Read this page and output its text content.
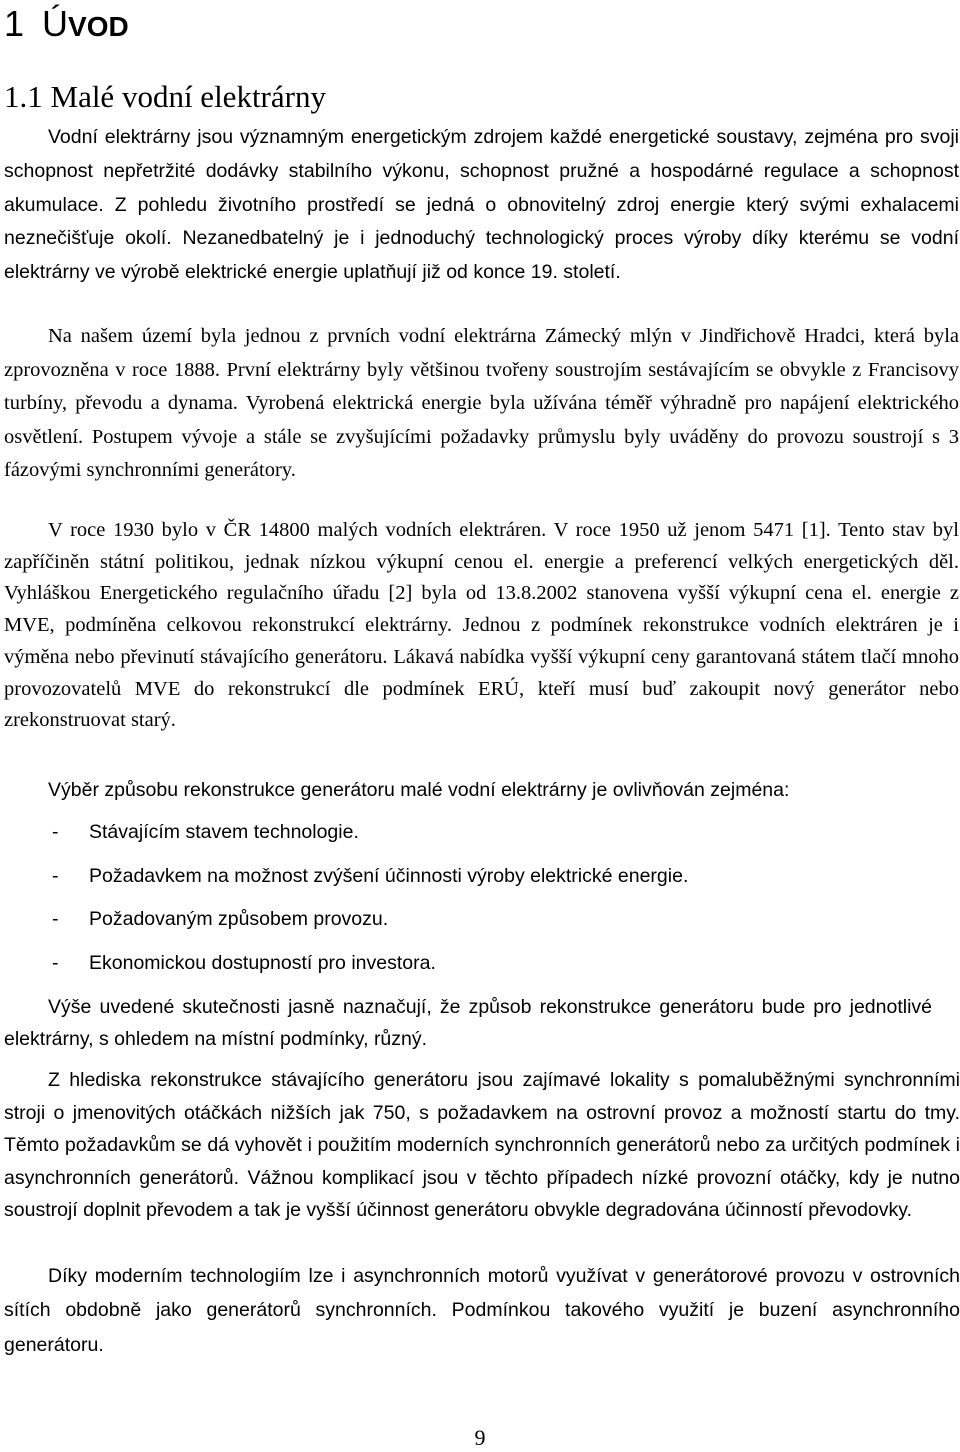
1 ÚVOD
1.1 Malé vodní elektrárny
Vodní elektrárny jsou významným energetickým zdrojem každé energetické soustavy, zejména pro svoji schopnost nepřetržité dodávky stabilního výkonu, schopnost pružné a hospodárné regulace a schopnost akumulace. Z pohledu životního prostředí se jedná o obnovitelný zdroj energie který svými exhalacemi neznečišťuje okolí. Nezanedbatelný je i jednoduchý technologický proces výroby díky kterému se vodní elektrárny ve výrobě elektrické energie uplatňují již od konce 19. století.
Na našem území byla jednou z prvních vodní elektrárna Zámecký mlýn v Jindřichově Hradci, která byla zprovozněna v roce 1888. První elektrárny byly většinou tvořeny soustrojím sestávajícím se obvykle z Francisovy turbíny, převodu a dynama. Vyrobená elektrická energie byla užívána téměř výhradně pro napájení elektrického osvětlení. Postupem vývoje a stále se zvyšujícími požadavky průmyslu byly uváděny do provozu soustrojí s 3 fázovými synchronními generátory.
V roce 1930 bylo v ČR 14800 malých vodních elektráren. V roce 1950 už jenom 5471 [1]. Tento stav byl zapříčiněn státní politikou, jednak nízkou výkupní cenou el. energie a preferencí velkých energetických děl. Vyhláškou Energetického regulačního úřadu [2] byla od 13.8.2002 stanovena vyšší výkupní cena el. energie z MVE, podmíněna celkovou rekonstrukcí elektrárny. Jednou z podmínek rekonstrukce vodních elektráren je i výměna nebo převinutí stávajícího generátoru. Lákavá nabídka vyšší výkupní ceny garantovaná státem tlačí mnoho provozovatelů MVE do rekonstrukcí dle podmínek ERÚ, kteří musí buď zakoupit nový generátor nebo zrekonstruovat starý.
Výběr způsobu rekonstrukce generátoru malé vodní elektrárny je ovlivňován zejména:
- Stávajícím stavem technologie.
- Požadavkem na možnost zvýšení účinnosti výroby elektrické energie.
- Požadovaným způsobem provozu.
- Ekonomickou dostupností pro investora.
Výše uvedené skutečnosti jasně naznačují, že způsob rekonstrukce generátoru bude pro jednotlivé elektrárny, s ohledem na místní podmínky, různý.
Z hlediska rekonstrukce stávajícího generátoru jsou zajímavé lokality s pomaluběžnými synchronními stroji o jmenovitých otáčkách nižších jak 750, s požadavkem na ostrovní provoz a možností startu do tmy. Těmto požadavkům se dá vyhovět i použitím moderních synchronních generátorů nebo za určitých podmínek i asynchronních generátorů. Vážnou komplikací jsou v těchto případech nízké provozní otáčky, kdy je nutno soustrojí doplnit převodem a tak je vyšší účinnost generátoru obvykle degradována účinností převodovky.
Díky moderním technologiím lze i asynchronních motorů využívat v generátorové provozu v ostrovních sítích obdobně jako generátorů synchronních. Podmínkou takového využití je buzení asynchronního generátoru.
9
